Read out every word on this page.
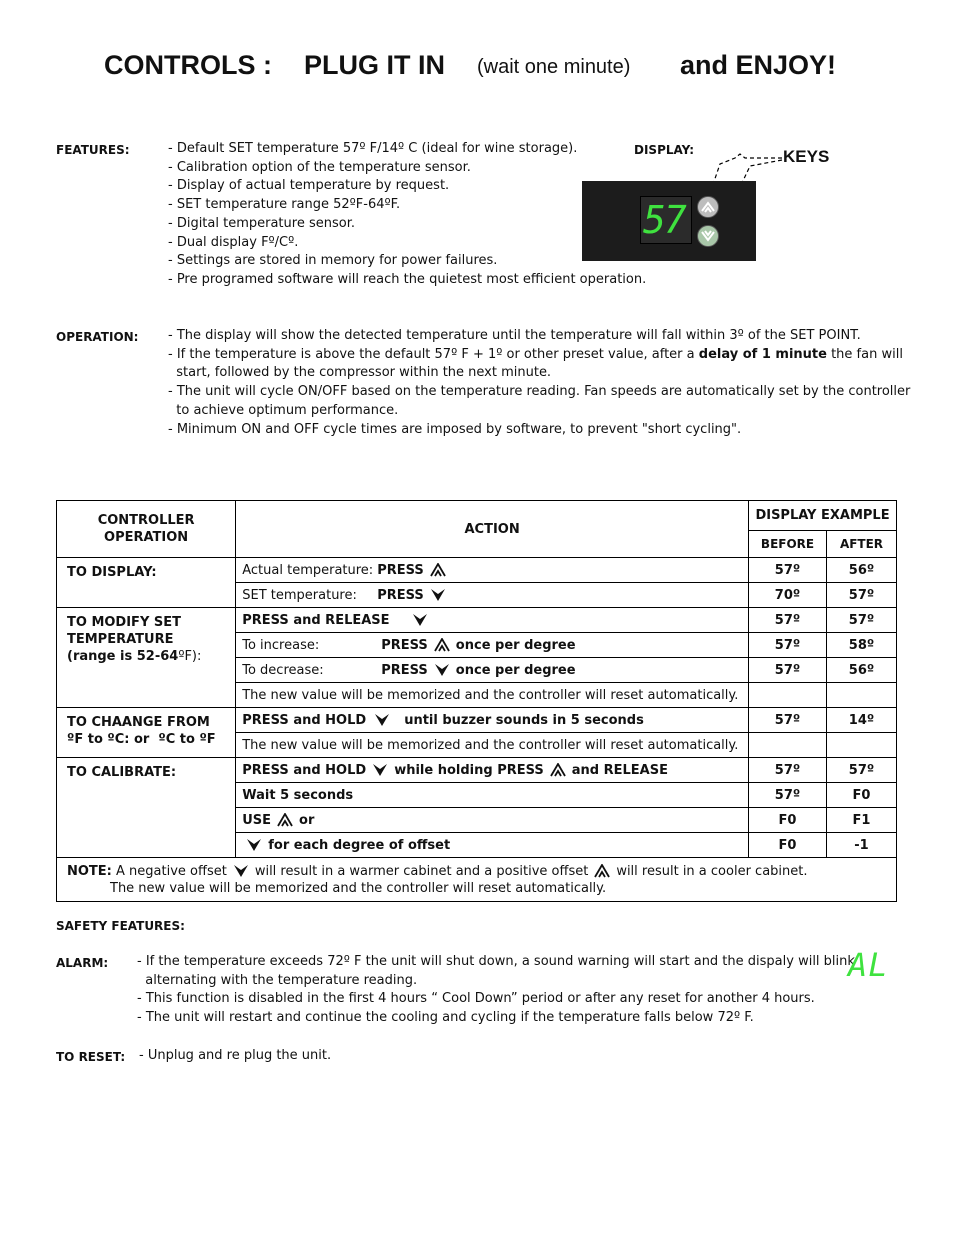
CONTROLS : PLUG IT IN (wait one minute) and ENJOY!
FEATURES:	- Default SET temperature 57º F/14º C (ideal for wine storage).
- Calibration option of the temperature sensor.
- Display of actual temperature by request.
- SET temperature range 52ºF-64ºF.
- Digital temperature sensor.
- Dual display Fº/Cº.
- Settings are stored in memory for power failures.
- Pre programed software will reach the quietest most efficient operation.
DISPLAY:	KEYS
57
OPERATION: - The display will show the detected temperature until the temperature will fall within 3º of the SET POINT.
- If the temperature is above the default 57º F + 1º or other preset value, after a delay of 1 minute the fan will
start, followed by the compressor within the next minute.
- The unit will cycle ON/OFF based on the temperature reading. Fan speeds are automatically set by the controller
to achieve optimum performance.
- Minimum ON and OFF cycle times are imposed by software, to prevent "short cycling".
CONTROLLER
OPERATION	ACTION	DISPLAY EXAMPLE	
		BEFORE	AFTER
TO DISPLAY:	Actual temperature: PRESS	57º	56º
	SET temperature: PRESS	70º	57º
TO MODIFY SET
TEMPERATURE
(range is 52-64ºF):	PRESS and RELEASE	57º	57º
	To increase: PRESS once per degree	57º	58º
	To decrease: PRESS once per degree	57º	56º
	The new value will be memorized and the controller will reset automatically.		
TO CHAANGE FROM
ºF to ºC: or  ºC to ºF	PRESS and HOLD until buzzer sounds in 5 seconds	57º	14º
	The new value will be memorized and the controller will reset automatically.		
TO CALIBRATE:	PRESS and HOLD while holding PRESS and RELEASE	57º	57º
	Wait 5 seconds	57º	F0
	USE or	F0	F1
	for each degree of offset	F0	-1

NOTE: A negative offset will result in a warmer cabinet and a positive offset will result in a cooler cabinet.
The new value will be memorized and the controller will reset automatically.			
SAFETY FEATURES:
ALARM: - If the temperature exceeds 72º F the unit will shut down, a sound warning will start and the dispaly will blink
alternating with the temperature reading.
- This function is disabled in the first 4 hours “ Cool Down” period or after any reset for another 4 hours.
- The unit will restart and continue the cooling and cycling if the temperature falls below 72º F.
AL
TO RESET: - Unplug and re plug the unit.
